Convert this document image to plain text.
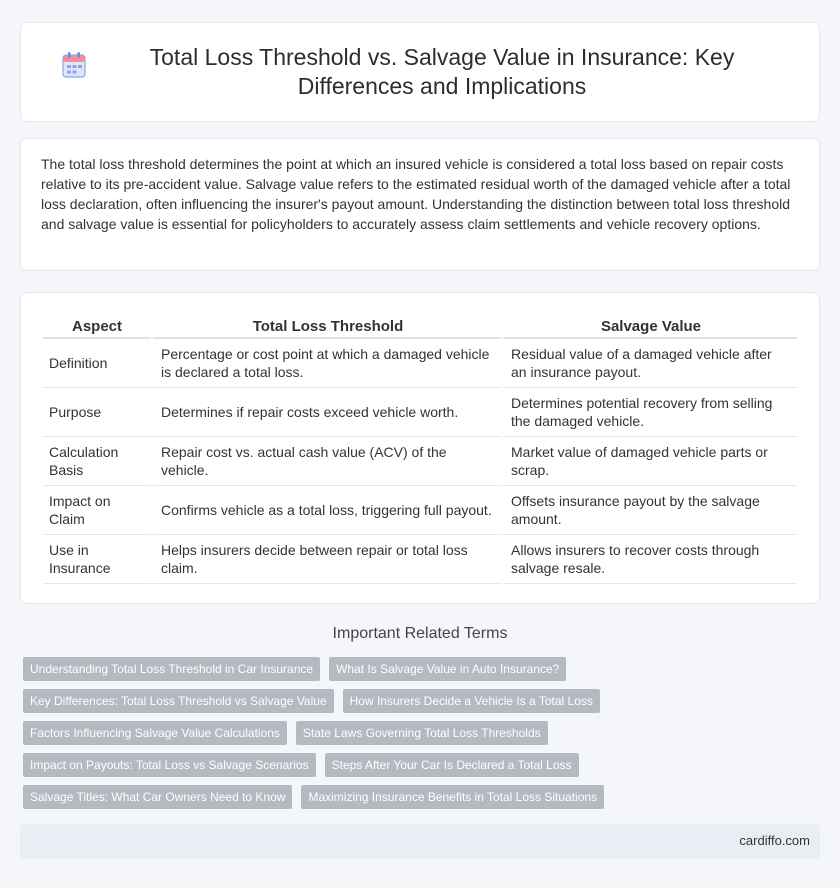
Total Loss Threshold vs. Salvage Value in Insurance: Key Differences and Implications

The total loss threshold determines the point at which an insured vehicle is considered a total loss based on repair costs relative to its pre-accident value. Salvage value refers to the estimated residual worth of the damaged vehicle after a total loss declaration, often influencing the insurer's payout amount. Understanding the distinction between total loss threshold and salvage value is essential for policyholders to accurately assess claim settlements and vehicle recovery options.

Aspect	Total Loss Threshold	Salvage Value
Definition	Percentage or cost point at which a damaged vehicle is declared a total loss.	Residual value of a damaged vehicle after an insurance payout.
Purpose	Determines if repair costs exceed vehicle worth.	Determines potential recovery from selling the damaged vehicle.
Calculation Basis	Repair cost vs. actual cash value (ACV) of the vehicle.	Market value of damaged vehicle parts or scrap.
Impact on Claim	Confirms vehicle as a total loss, triggering full payout.	Offsets insurance payout by the salvage amount.
Use in Insurance	Helps insurers decide between repair or total loss claim.	Allows insurers to recover costs through salvage resale.
Important Related Terms
Understanding Total Loss Threshold in Car Insurance	What Is Salvage Value in Auto Insurance?
Key Differences: Total Loss Threshold vs Salvage Value	How Insurers Decide a Vehicle Is a Total Loss
Factors Influencing Salvage Value Calculations	State Laws Governing Total Loss Thresholds
Impact on Payouts: Total Loss vs Salvage Scenarios	Steps After Your Car Is Declared a Total Loss
Salvage Titles: What Car Owners Need to Know	Maximizing Insurance Benefits in Total Loss Situations
cardiffo.com
